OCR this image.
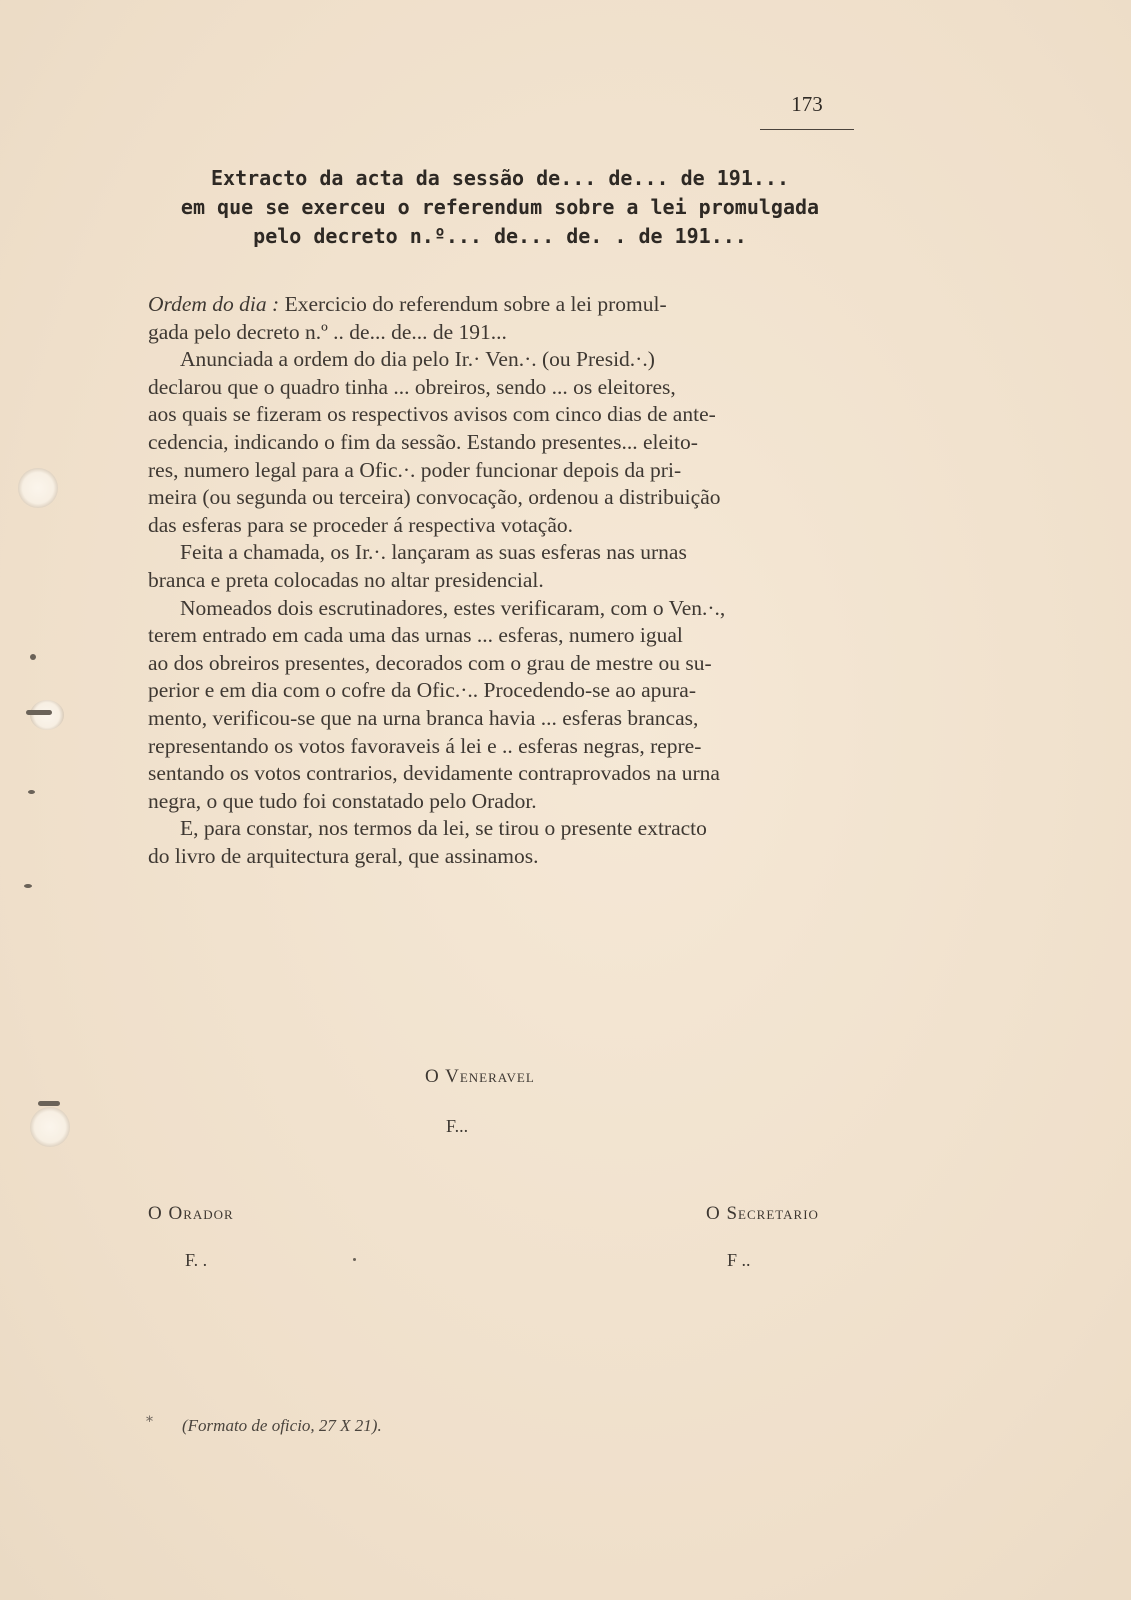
173
Extracto da acta da sessão de... de... de 191...
em que se exerceu o referendum sobre a lei promulgada
pelo decreto n.º... de... de. . de 191...
Ordem do dia : Exercicio do referendum sobre a lei promul-
gada pelo decreto n.º .. de... de... de 191...
Anunciada a ordem do dia pelo Ir.· Ven.·. (ou Presid.·.)
declarou que o quadro tinha ... obreiros, sendo ... os eleitores,
aos quais se fizeram os respectivos avisos com cinco dias de ante-
cedencia, indicando o fim da sessão. Estando presentes... eleito-
res, numero legal para a Ofic.·. poder funcionar depois da pri-
meira (ou segunda ou terceira) convocação, ordenou a distribuição
das esferas para se proceder á respectiva votação.
Feita a chamada, os Ir.·. lançaram as suas esferas nas urnas
branca e preta colocadas no altar presidencial.
Nomeados dois escrutinadores, estes verificaram, com o Ven.·.,
terem entrado em cada uma das urnas ... esferas, numero igual
ao dos obreiros presentes, decorados com o grau de mestre ou su-
perior e em dia com o cofre da Ofic.·.. Procedendo-se ao apura-
mento, verificou-se que na urna branca havia ... esferas brancas,
representando os votos favoraveis á lei e .. esferas negras, repre-
sentando os votos contrarios, devidamente contraprovados na urna
negra, o que tudo foi constatado pelo Orador.
E, para constar, nos termos da lei, se tirou o presente extracto
do livro de arquitectura geral, que assinamos.
O Veneravel
F...
O Orador
F. .
O Secretario
F ..
* (Formato de oficio, 27 X 21).
